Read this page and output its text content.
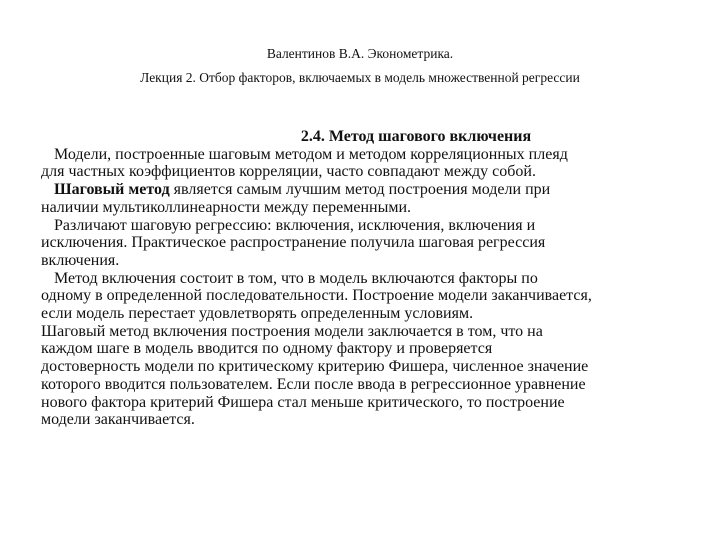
Валентинов В.А. Эконометрика.
Лекция 2. Отбор факторов, включаемых в модель множественной регрессии
2.4. Метод шагового включения
Модели, построенные шаговым методом и методом корреляционных плеяд
для частных коэффициентов корреляции, часто совпадают между собой.
Шаговый метод является самым лучшим метод построения модели при
наличии мультиколлинеарности между переменными.
Различают шаговую регрессию: включения, исключения, включения и
исключения. Практическое распространение получила шаговая регрессия
включения.
Метод включения состоит в том, что в модель включаются факторы по
одному в определенной последовательности. Построение модели заканчивается,
если модель перестает удовлетворять определенным условиям.
Шаговый метод включения построения модели заключается в том, что на
каждом шаге в модель вводится по одному фактору и проверяется
достоверность модели по критическому критерию Фишера, численное значение
которого вводится пользователем. Если после ввода в регрессионное уравнение
нового фактора критерий Фишера стал меньше критического, то построение
модели заканчивается.
